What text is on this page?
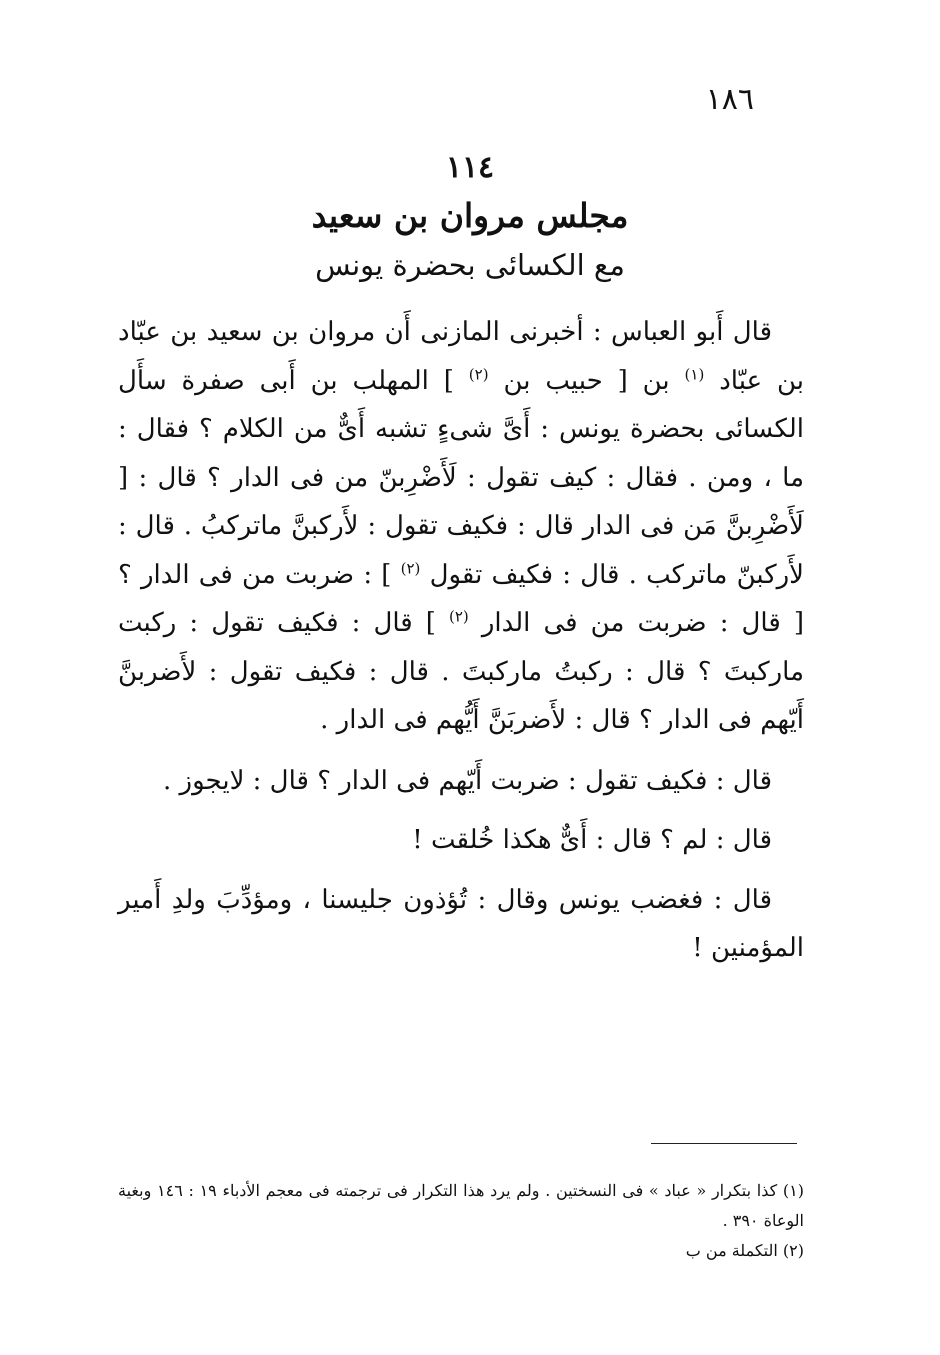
١٨٦
١١٤
مجلس مروان بن سعيد
مع الكسائى بحضرة يونس

قال أَبو العباس : أخبرنى المازنى أَن مروان بن سعيد بن عبّاد بن عبّاد $^{(١)}$ بن [ حبيب بن $^{(٢)}$ ] المهلب بن أَبى صفرة سأَل الكسائى بحضرة يونس : أَىَّ شىءٍ تشبه أَىٌّ من الكلام ؟ فقال : ما ، ومن . فقال : كيف تقول : لَأَضْرِبنّ من فى الدار ؟ قال : [ لَأَضْرِبنَّ مَن فى الدار قال : فكيف تقول : لأَركبنَّ ماتركبُ . قال : لأَركبنّ ماتركب . قال : فكيف تقول $^{(٢)}$ ] : ضربت من فى الدار ؟ [ قال : ضربت من فى الدار $^{(٢)}$ ] قال : فكيف تقول : ركبت ماركبتَ ؟ قال : ركبتُ ماركبتَ . قال : فكيف تقول : لأَضربنَّ أَيّهم فى الدار ؟ قال : لأَضربَنَّ أَيُّهم فى الدار .

قال : فكيف تقول : ضربت أَيّهم فى الدار ؟ قال : لايجوز .

قال : لم ؟ قال : أَىٌّ هكذا خُلقت !

قال : فغضب يونس وقال : تُؤذون جليسنا ، ومؤدِّبَ ولدِ أَمير المؤمنين !

(١) كذا بتكرار « عباد » فى النسختين . ولم يرد هذا التكرار فى ترجمته فى معجم الأدباء ١٩ : ١٤٦ وبغية الوعاة ٣٩٠ .

(٢) التكملة من ب
